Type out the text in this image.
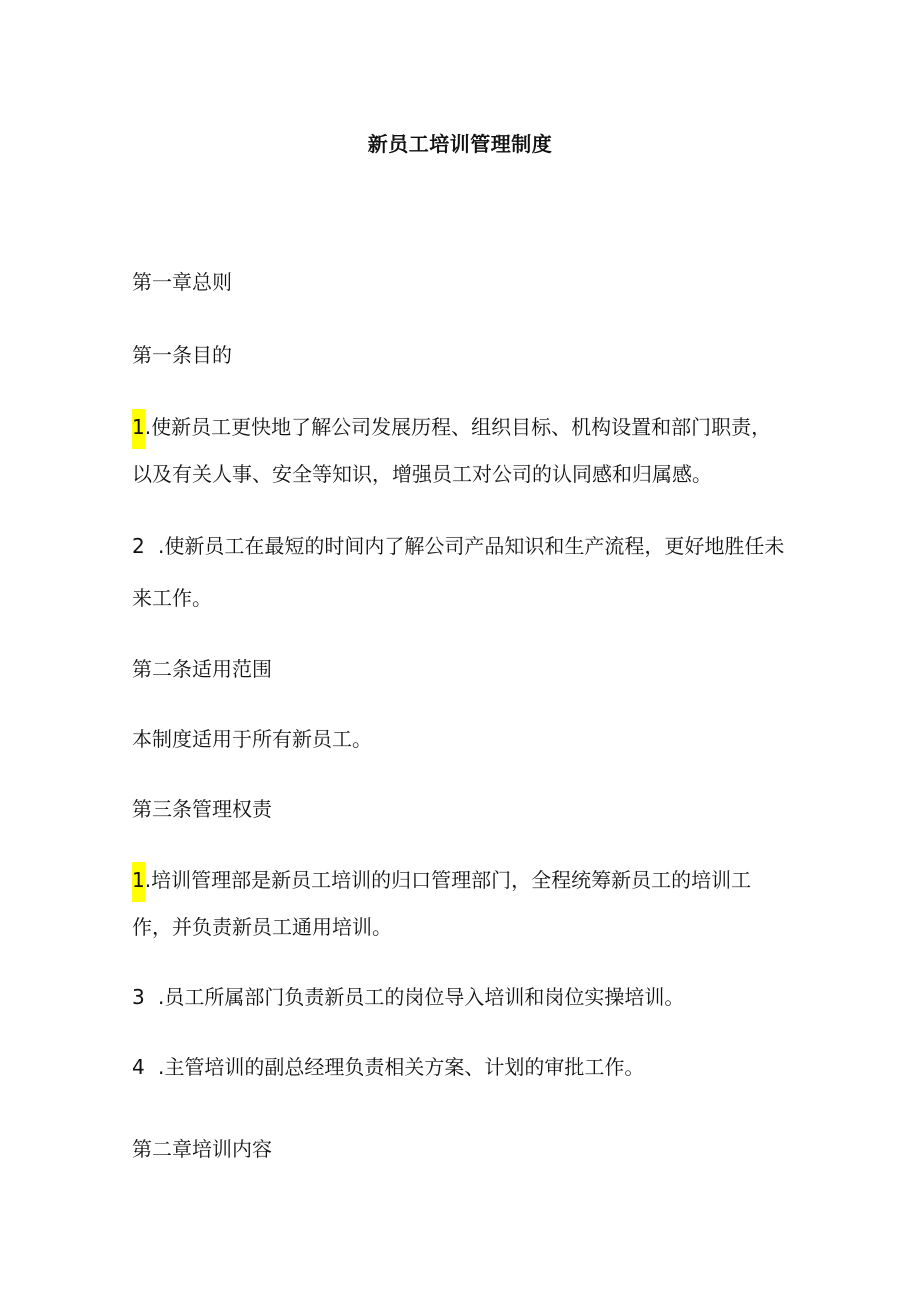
新员工培训管理制度
第一章总则
第一条目的
1.使新员工更快地了解公司发展历程、组织目标、机构设置和部门职责，
以及有关人事、安全等知识，增强员工对公司的认同感和归属感。
2 .使新员工在最短的时间内了解公司产品知识和生产流程，更好地胜任未
来工作。
第二条适用范围
本制度适用于所有新员工。
第三条管理权责
1.培训管理部是新员工培训的归口管理部门，全程统筹新员工的培训工
作，并负责新员工通用培训。
3 .员工所属部门负责新员工的岗位导入培训和岗位实操培训。
4 .主管培训的副总经理负责相关方案、计划的审批工作。
第二章培训内容
